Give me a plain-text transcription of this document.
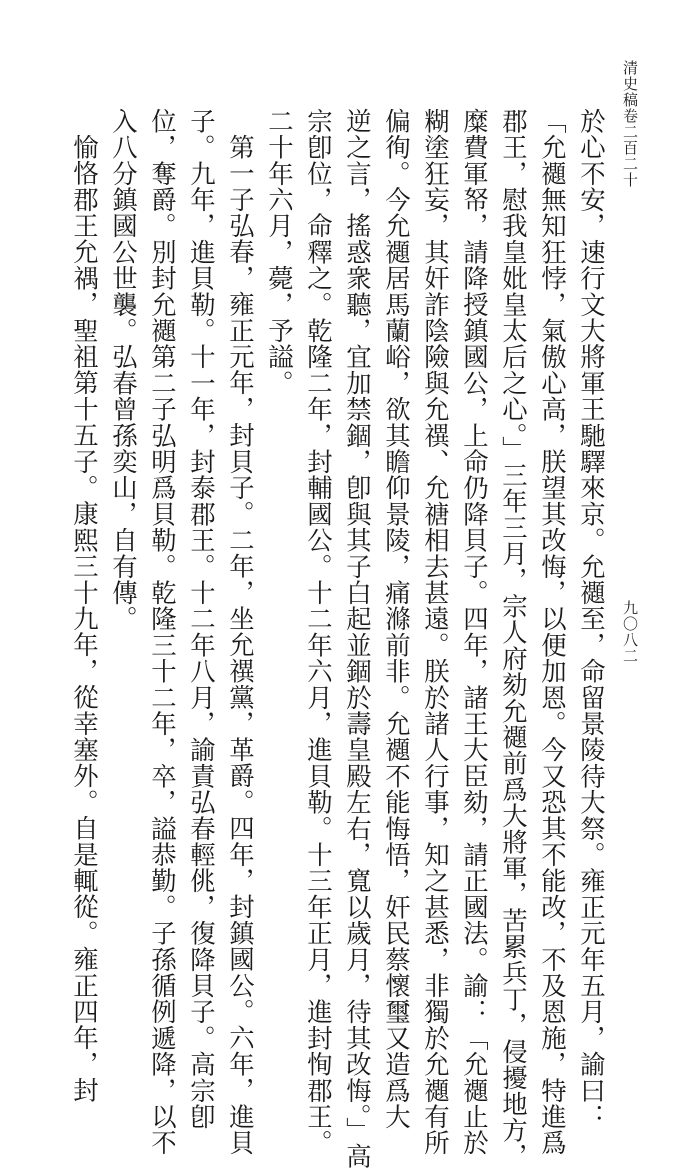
清史稿卷二百二十
九〇八二
於心不安，速行文大將軍王馳驛來京。允禵至，命留景陵待大祭。雍正元年五月，諭曰：
「允禵無知狂悖，氣傲心高，朕望其改悔，以便加恩。今又恐其不能改，不及恩施，特進爲
郡王，慰我皇妣皇太后之心。」三年三月，宗人府劾允禵前爲大將軍，苦累兵丁，侵擾地方，
糜費軍帑，請降授鎮國公，上命仍降貝子。四年，諸王大臣劾，請正國法。諭：「允禵止於
糊塗狂妄，其奸詐陰險與允禩、允禟相去甚遠。朕於諸人行事，知之甚悉，非獨於允禵有所
偏徇。今允禵居馬蘭峪，欲其瞻仰景陵，痛滌前非。允禵不能悔悟，奸民蔡懷璽又造爲大
逆之言，搖惑衆聽，宜加禁錮，卽與其子白起並錮於壽皇殿左右，寬以歲月，待其改悔。」高
宗卽位，命釋之。乾隆二年，封輔國公。十二年六月，進貝勒。十三年正月，進封恂郡王。
二十年六月，薨，予謚。
第一子弘春，雍正元年，封貝子。二年，坐允禩黨，革爵。四年，封鎮國公。六年，進貝
子。九年，進貝勒。十一年，封泰郡王。十二年八月，諭責弘春輕佻，復降貝子。高宗卽
位，奪爵。別封允禵第二子弘明爲貝勒。乾隆三十二年，卒，謚恭勤。子孫循例遞降，以不
入八分鎮國公世襲。弘春曾孫奕山，自有傳。
愉恪郡王允禑，聖祖第十五子。康熙三十九年，從幸塞外。自是輒從。雍正四年，封
